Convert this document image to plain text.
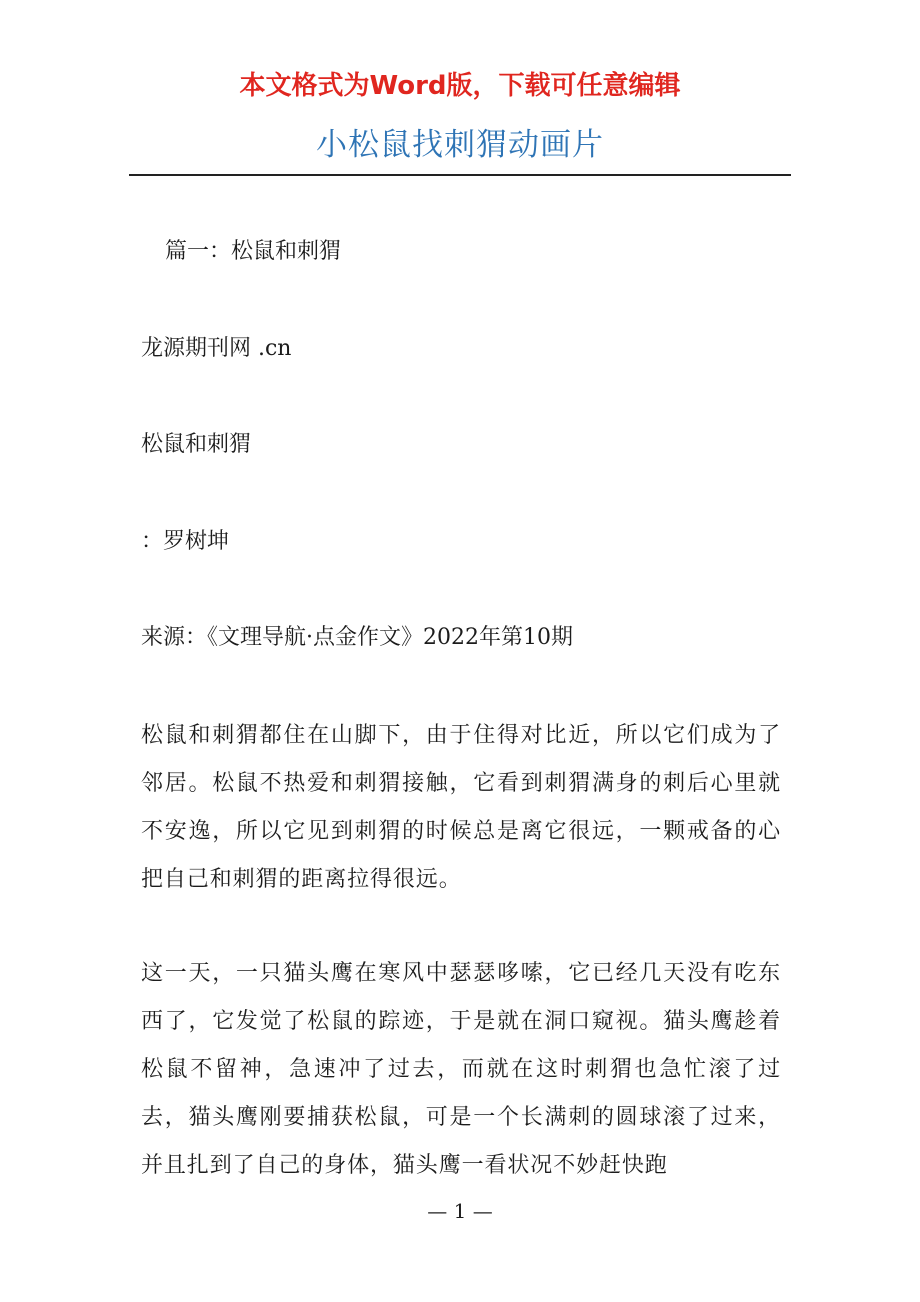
本文格式为Word版，下载可任意编辑
小松鼠找刺猬动画片
篇一：松鼠和刺猬
龙源期刊网 .cn
松鼠和刺猬
：罗树坤
来源：《文理导航·点金作文》2022年第10期
松鼠和刺猬都住在山脚下，由于住得对比近，所以它们成为了邻居。松鼠不热爱和刺猬接触，它看到刺猬满身的刺后心里就不安逸，所以它见到刺猬的时候总是离它很远，一颗戒备的心把自己和刺猬的距离拉得很远。
这一天，一只猫头鹰在寒风中瑟瑟哆嗦，它已经几天没有吃东西了，它发觉了松鼠的踪迹，于是就在洞口窥视。猫头鹰趁着松鼠不留神，急速冲了过去，而就在这时刺猬也急忙滚了过去，猫头鹰刚要捕获松鼠，可是一个长满刺的圆球滚了过来，并且扎到了自己的身体，猫头鹰一看状况不妙赶快跑
— 1 —
